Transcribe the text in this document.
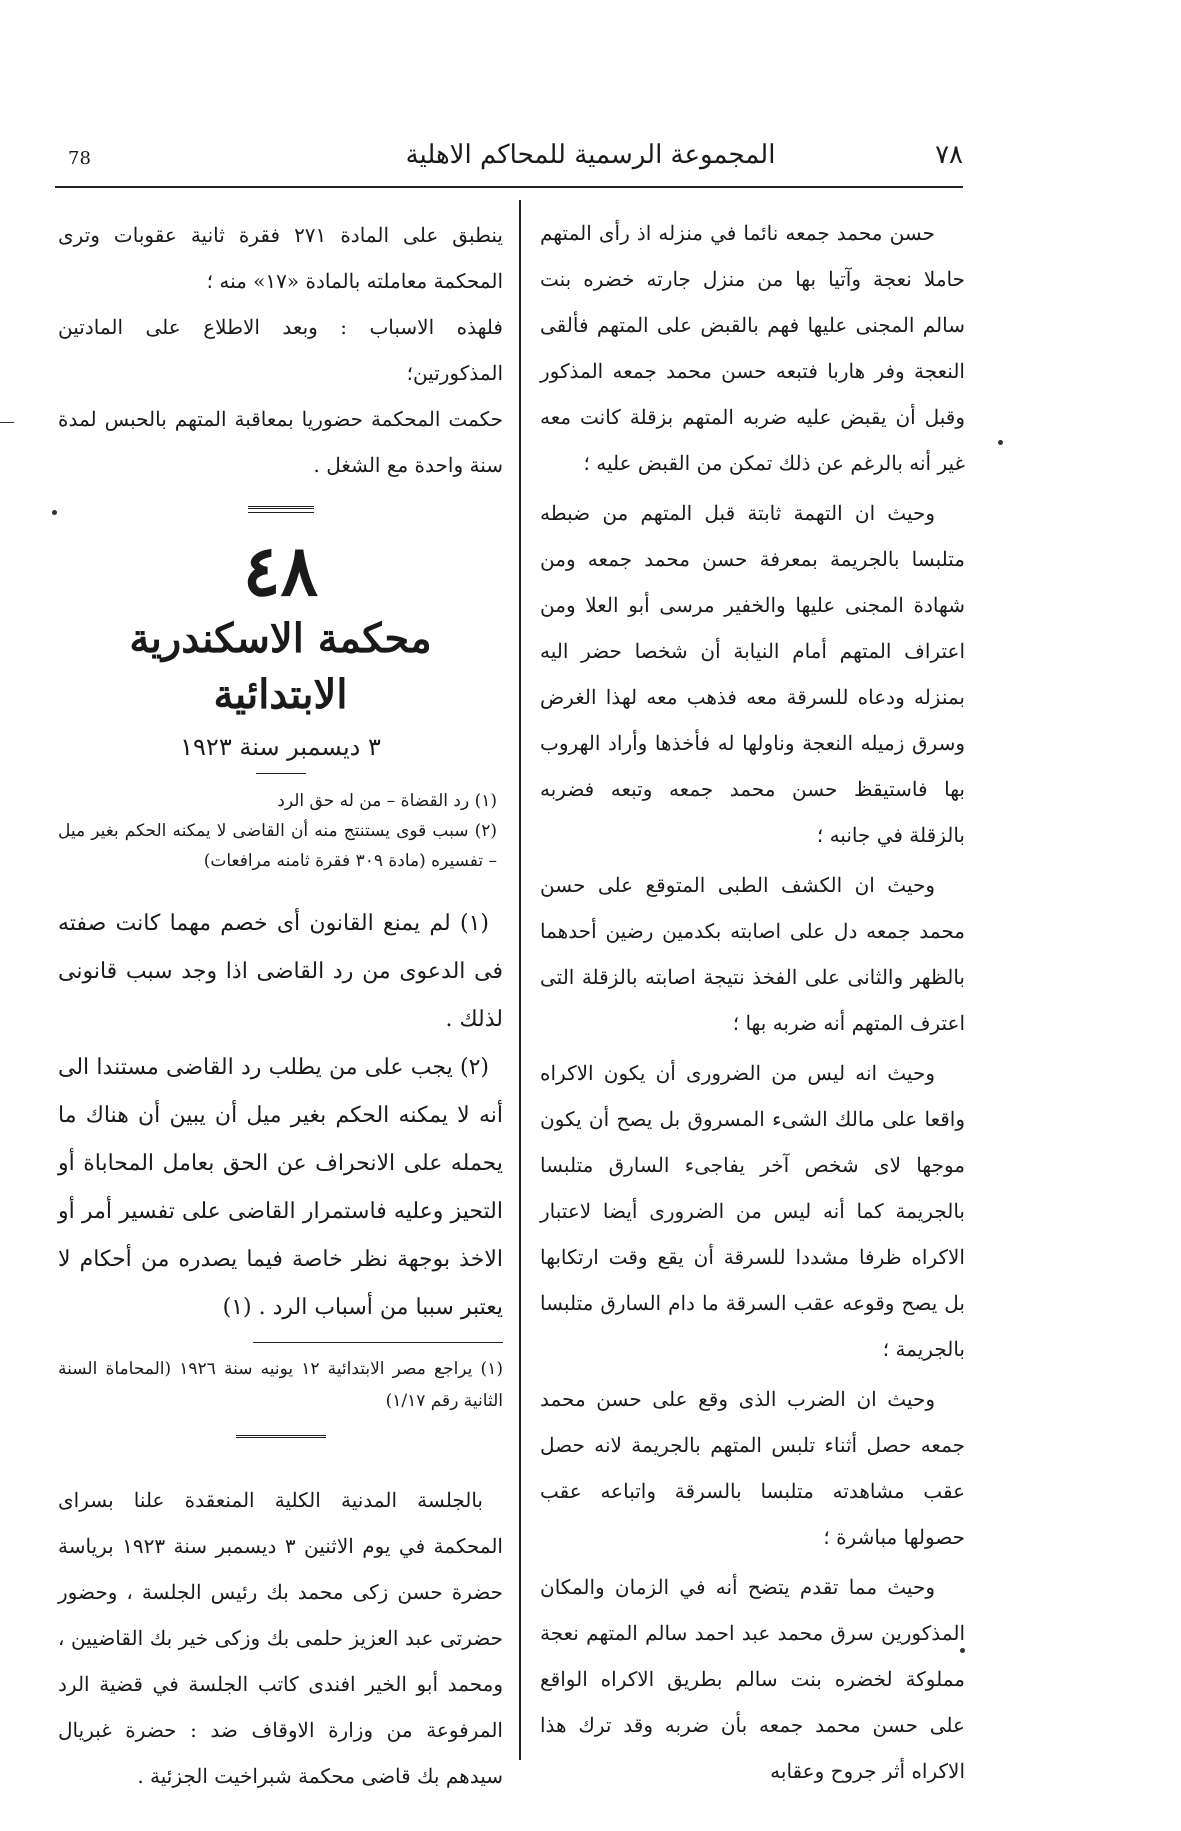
78	المجموعة الرسمية للمحاكم الاهلية	٧٨

حسن محمد جمعه نائما في منزله اذ رأى المتهم حاملا نعجة وآتيا بها من منزل جارته خضره بنت سالم المجنى عليها فهم بالقبض على المتهم فألقى النعجة وفر هاربا فتبعه حسن محمد جمعه المذكور وقبل أن يقبض عليه ضربه المتهم بزقلة كانت معه غير أنه بالرغم عن ذلك تمكن من القبض عليه ؛

وحيث ان التهمة ثابتة قبل المتهم من ضبطه متلبسا بالجريمة بمعرفة حسن محمد جمعه ومن شهادة المجنى عليها والخفير مرسى أبو العلا ومن اعتراف المتهم أمام النيابة أن شخصا حضر اليه بمنزله ودعاه للسرقة معه فذهب معه لهذا الغرض وسرق زميله النعجة وناولها له فأخذها وأراد الهروب بها فاستيقظ حسن محمد جمعه وتبعه فضربه بالزقلة في جانبه ؛

وحيث ان الكشف الطبى المتوقع على حسن محمد جمعه دل على اصابته بكدمين رضين أحدهما بالظهر والثانى على الفخذ نتيجة اصابته بالزقلة التى اعترف المتهم أنه ضربه بها ؛

وحيث انه ليس من الضرورى أن يكون الاكراه واقعا على مالك الشىء المسروق بل يصح أن يكون موجها لاى شخص آخر يفاجىء السارق متلبسا بالجريمة كما أنه ليس من الضرورى أيضا لاعتبار الاكراه ظرفا مشددا للسرقة أن يقع وقت ارتكابها بل يصح وقوعه عقب السرقة ما دام السارق متلبسا بالجريمة ؛

وحيث ان الضرب الذى وقع على حسن محمد جمعه حصل أثناء تلبس المتهم بالجريمة لانه حصل عقب مشاهدته متلبسا بالسرقة واتباعه عقب حصولها مباشرة ؛

وحيث مما تقدم يتضح أنه في الزمان والمكان المذكورين سرق محمد عبد احمد سالم المتهم نعجة مملوكة لخضره بنت سالم بطريق الاكراه الواقع على حسن محمد جمعه بأن ضربه وقد ترك هذا الاكراه أثر جروح وعقابه

ينطبق على المادة ٢٧١ فقرة ثانية عقوبات وترى المحكمة معاملته بالمادة «١٧» منه ؛

فلهذه الاسباب : وبعد الاطلاع على المادتين المذكورتين؛

حكمت المحكمة حضوريا بمعاقبة المتهم بالحبس لمدة سنة واحدة مع الشغل .

٤٨
محكمة الاسكندرية الابتدائية
٣ ديسمبر سنة ١٩٢٣

(١) رد القضاة – من له حق الرد

(٢) سبب قوى يستنتج منه أن القاضى لا يمكنه الحكم بغير ميل – تفسيره (مادة ٣٠٩ فقرة ثامنه مرافعات)

(١) لم يمنع القانون أى خصم مهما كانت صفته فى الدعوى من رد القاضى اذا وجد سبب قانونى لذلك .

(٢) يجب على من يطلب رد القاضى مستندا الى أنه لا يمكنه الحكم بغير ميل أن يبين أن هناك ما يحمله على الانحراف عن الحق بعامل المحاباة أو التحيز وعليه فاستمرار القاضى على تفسير أمر أو الاخذ بوجهة نظر خاصة فيما يصدره من أحكام لا يعتبر سببا من أسباب الرد . (١)

(١) يراجع مصر الابتدائية ١٢ يونيه سنة ١٩٢٦ (المحاماة السنة الثانية رقم ١/١٧)

بالجلسة المدنية الكلية المنعقدة علنا بسراى المحكمة في يوم الاثنين ٣ ديسمبر سنة ١٩٢٣ برياسة حضرة حسن زكى محمد بك رئيس الجلسة ، وحضور حضرتى عبد العزيز حلمى بك وزكى خير بك القاضيين ، ومحمد أبو الخير افندى كاتب الجلسة في قضية الرد المرفوعة من وزارة الاوقاف ضد : حضرة غبريال سيدهم بك قاضى محكمة شبراخيت الجزئية .
